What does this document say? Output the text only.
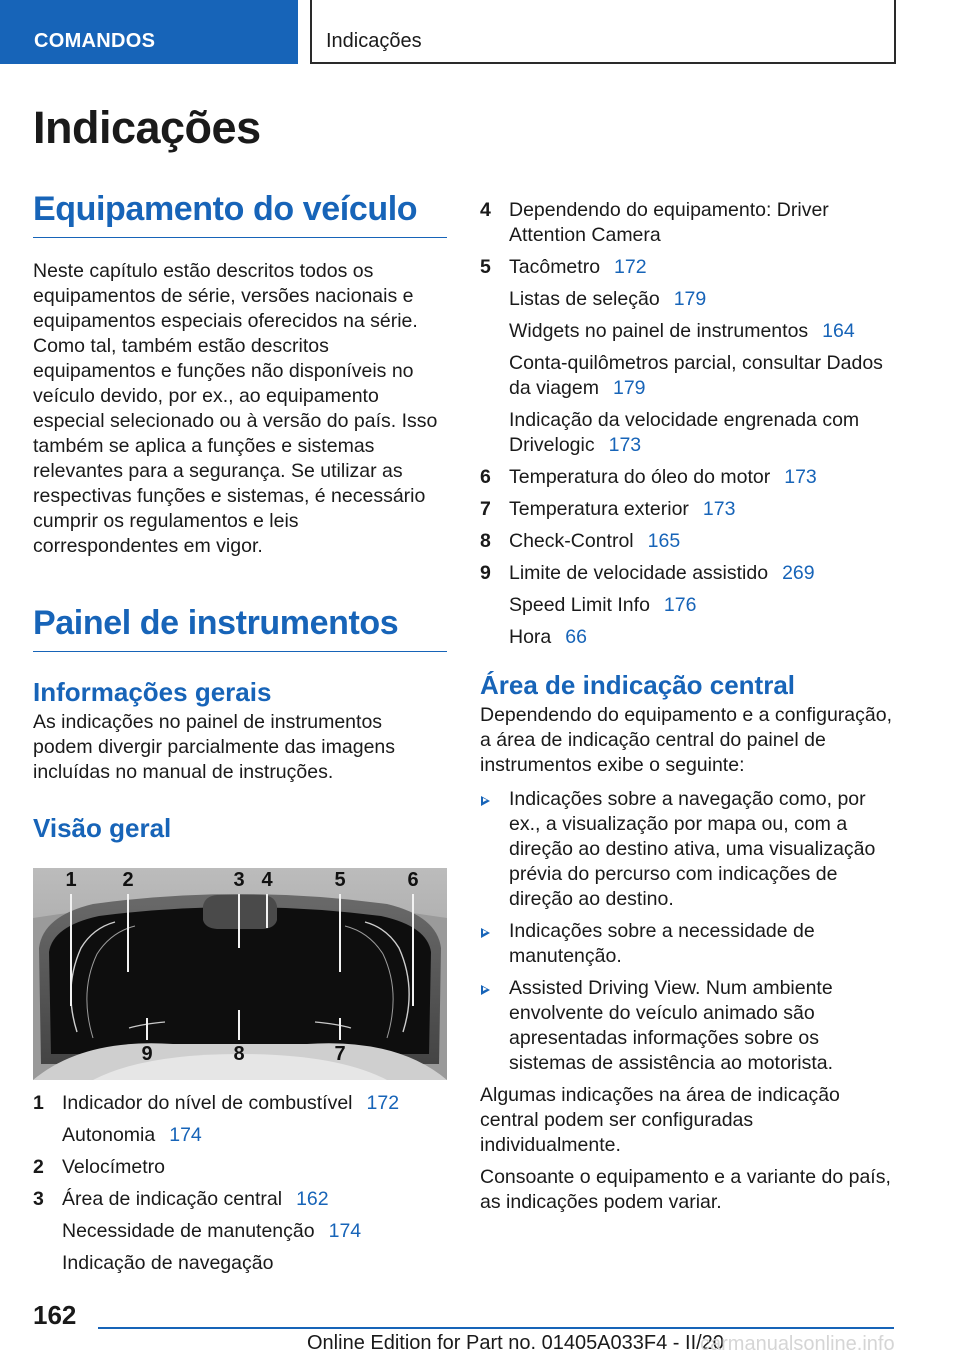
COMANDOS	Indicações
Indicações
Equipamento do veículo

Neste capítulo estão descritos todos os equipamentos de série, versões nacionais e equipamentos especiais oferecidos na série. Como tal, também estão descritos equipamentos e funções não disponíveis no veículo devido, por ex., ao equipamento especial selecionado ou à versão do país. Isso também se aplica a funções e sistemas relevantes para a segurança. Se utilizar as respectivas funções e sistemas, é necessário cumprir os regulamentos e leis correspondentes em vigor.

Painel de instrumentos
Informações gerais

As indicações no painel de instrumentos podem divergir parcialmente das imagens incluídas no manual de instruções.

Visão geral
1 2	3 4	5	6
7
8
9
1 Indicador do nível de combustível 172
Autonomia 174
2 Velocímetro
3 Área de indicação central 162
Necessidade de manutenção 174
Indicação de navegação
4 Dependendo do equipamento: Driver Attention Camera
5 Tacômetro 172
Listas de seleção 179
Widgets no painel de instrumentos 164
Conta-quilômetros parcial, consultar Dados da viagem 179
Indicação da velocidade engrenada com Drivelogic 173
6 Temperatura do óleo do motor 173
7 Temperatura exterior 173
8 Check-Control 165
9 Limite de velocidade assistido 269
Speed Limit Info 176
Hora 66
Área de indicação central

Dependendo do equipamento e a configuração, a área de indicação central do painel de instrumentos exibe o seguinte:

Indicações sobre a navegação como, por ex., a visualização por mapa ou, com a direção ao destino ativa, uma visualização prévia do percurso com indicações de direção ao destino.
Indicações sobre a necessidade de manutenção.
Assisted Driving View. Num ambiente envolvente do veículo animado são apresentadas informações sobre os sistemas de assistência ao motorista.

Algumas indicações na área de indicação central podem ser configuradas individualmente.

Consoante o equipamento e a variante do país, as indicações podem variar.

162
Online Edition for Part no. 01405A033F4 - II/20
carmanualsonline.info
